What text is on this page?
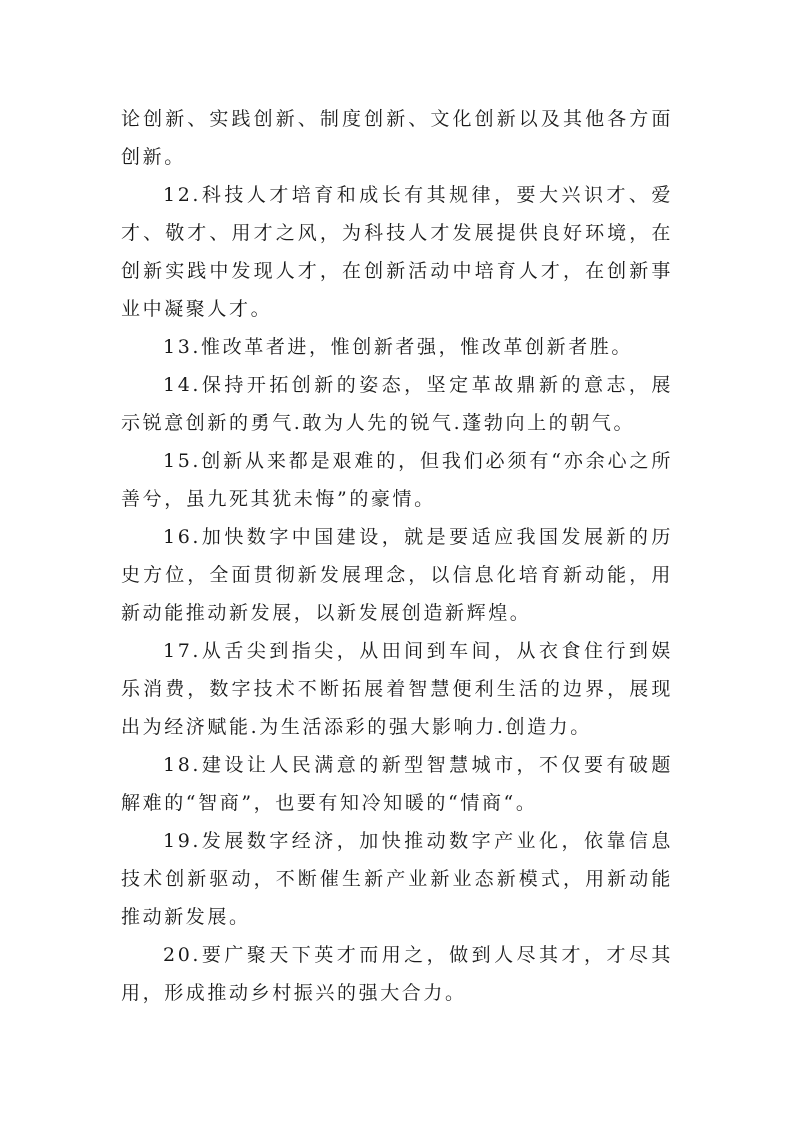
论创新、实践创新、制度创新、文化创新以及其他各方面创新。

12.科技人才培育和成长有其规律，要大兴识才、爱才、敬才、用才之风，为科技人才发展提供良好环境，在创新实践中发现人才，在创新活动中培育人才，在创新事业中凝聚人才。

13.惟改革者进，惟创新者强，惟改革创新者胜。

14.保持开拓创新的姿态，坚定革故鼎新的意志，展示锐意创新的勇气.敢为人先的锐气.蓬勃向上的朝气。

15.创新从来都是艰难的，但我们必须有“亦余心之所善兮，虽九死其犹未悔”的豪情。

16.加快数字中国建设，就是要适应我国发展新的历史方位，全面贯彻新发展理念，以信息化培育新动能，用新动能推动新发展，以新发展创造新辉煌。

17.从舌尖到指尖，从田间到车间，从衣食住行到娱乐消费，数字技术不断拓展着智慧便利生活的边界，展现出为经济赋能.为生活添彩的强大影响力.创造力。

18.建设让人民满意的新型智慧城市，不仅要有破题解难的“智商”，也要有知冷知暖的“情商“。

19.发展数字经济，加快推动数字产业化，依靠信息技术创新驱动，不断催生新产业新业态新模式，用新动能推动新发展。

20.要广聚天下英才而用之，做到人尽其才，才尽其用，形成推动乡村振兴的强大合力。
